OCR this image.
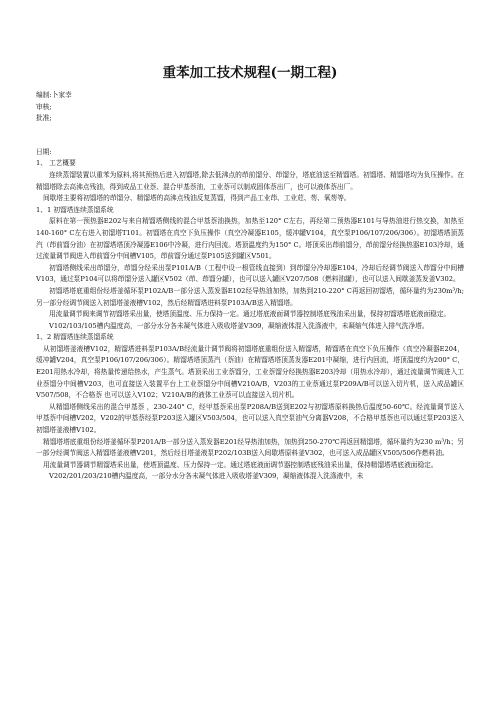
重苯加工技术规程(一期工程)
编制:卜家幸
审核;
批准;
日期:
1、 工艺概要

连续蒸馏装置以重苯为原料,将其预热后进入初馏塔,除去低沸点的茚前馏分、茚馏分，塔底油送至精馏塔。初馏塔、精馏塔均为负压操作。在精馏塔除去高沸点残油，得到成品工业萘、混合甲基萘油，工业萘可以制成固体萘出厂，也可以液体萘出厂。

间歇塔主要将初馏塔的茚馏分、精馏塔的高沸点残油反复蒸馏，得到产品工业茚、工业苊、芴、氧芴等。

1、1 初馏塔连续蒸馏系统

原料在第一预热器E202与来自精馏塔侧线的混合甲基萘油换热，加热至120° C左右，再经第二预热器E101与导热油进行热交换，加热至140-160° C左右进入初馏塔T101。初馏塔在真空下负压操作（真空冷凝器E105，缓冲罐V104，真空泵P106/107/206/306）。初馏塔塔顶蒸汽（茚前馏分油）在初馏塔塔顶冷凝器E106中冷凝，进行内回流。塔顶温度约为150° C。塔顶采出茚前馏分，茚前馏分经换热器E103冷却，通过流量调节阀进入茚前馏分中间槽V105，茚前馏分通过泵P105送到罐区V501。

初馏塔侧线采出茚馏分，茚馏分经采出泵P101A/B（工程中设一根管线直接到）到茚馏分冷却器E104，冷却后经调节阀送入茚馏分中间槽V103，通过泵P104可以将茚馏分送入罐区V502（茚、茚馏分罐），也可以送入罐区V207/508（燃料油罐），也可以送入间歇釜蒸发釜V302。

初馏塔塔底重组份经塔釜循环泵P102A/B一部分送入蒸发器E102经导热油加热，加热到210-220° C再返回初馏塔，循环量约为230m³/h;另一部分经调节阀送入初馏塔釜液槽V102，然后经精馏塔进料泵P103A/B送入精馏塔。

用流量调节阀来调节初馏塔采出量，使塔顶温度、压力保持一定。通过塔底液面调节器控制塔底残油采出量，保持初馏塔塔底液面稳定。

V102/103/105槽内温度高，一部分水分各未凝气体进入吸收塔釜V309，凝缩液体混入洗涤液中，未凝缩气体进入排气洗净塔。

1、2 精馏塔连续蒸馏系统

从初馏塔釜液槽V102，精馏塔进料泵P103A/B经流量计调节阀将初馏塔底重组份送入精馏塔，精馏塔在真空下负压操作（真空冷凝器E204，缓冲罐V204，真空泵P106/107/206/306）。精馏塔塔顶蒸汽（萘油）在精馏塔塔顶蒸发器E201中凝缩，进行内回流，塔顶温度约为200° C，E201用热水冷却，将热量传递给热水，产生蒸气。塔顶采出工业萘馏分，工业萘馏分经换热器E203冷却（用热水冷却），通过流量调节阀进入工业萘馏分中间槽V203，也可直接送入装置平台上工业萘馏分中间槽V210A/B，V203的工业萘通过泵P209A/B可以送入切片机，送入成品罐区V507/508，不合格萘 也可以送入V102；V210A/B的液体工业萘可以直接送入切片机。

从精馏塔侧线采出的混合甲基萘 ，230-240° C，经甲基萘采出泵P208A/B送到E202与初馏塔原料换热后温度50-60℃。经流量调节送入甲基萘中间槽V202，V202的甲基萘经泵P203送入罐区V503/504，也可以送入真空泵油气分离器V208，不合格甲基萘也可以通过泵P203送入初馏塔釜液槽V102。

精馏塔塔底重组份经塔釜循环泵P201A/B一部分送入蒸发器E201经导热油加热，加热到250-270℃再返回精馏塔，循环量约为230 m³/h；另一部分经调节阀送入精馏塔釜液槽V201，然后经目塔釜液泵P202/103B送入间歇塔原料釜V302，也可送入成品罐区V505/506作燃料油。

用流量调节器调节精馏塔采出量，使塔顶温度、压力保持一定。通过塔底液面调节器控制塔底残油采出量，保持精馏塔塔底液面稳定。

V202/201/203/210槽内温度高，一部分水分各未凝气体进入吸收塔釜V309，凝缩液体混入洗涤液中，未
